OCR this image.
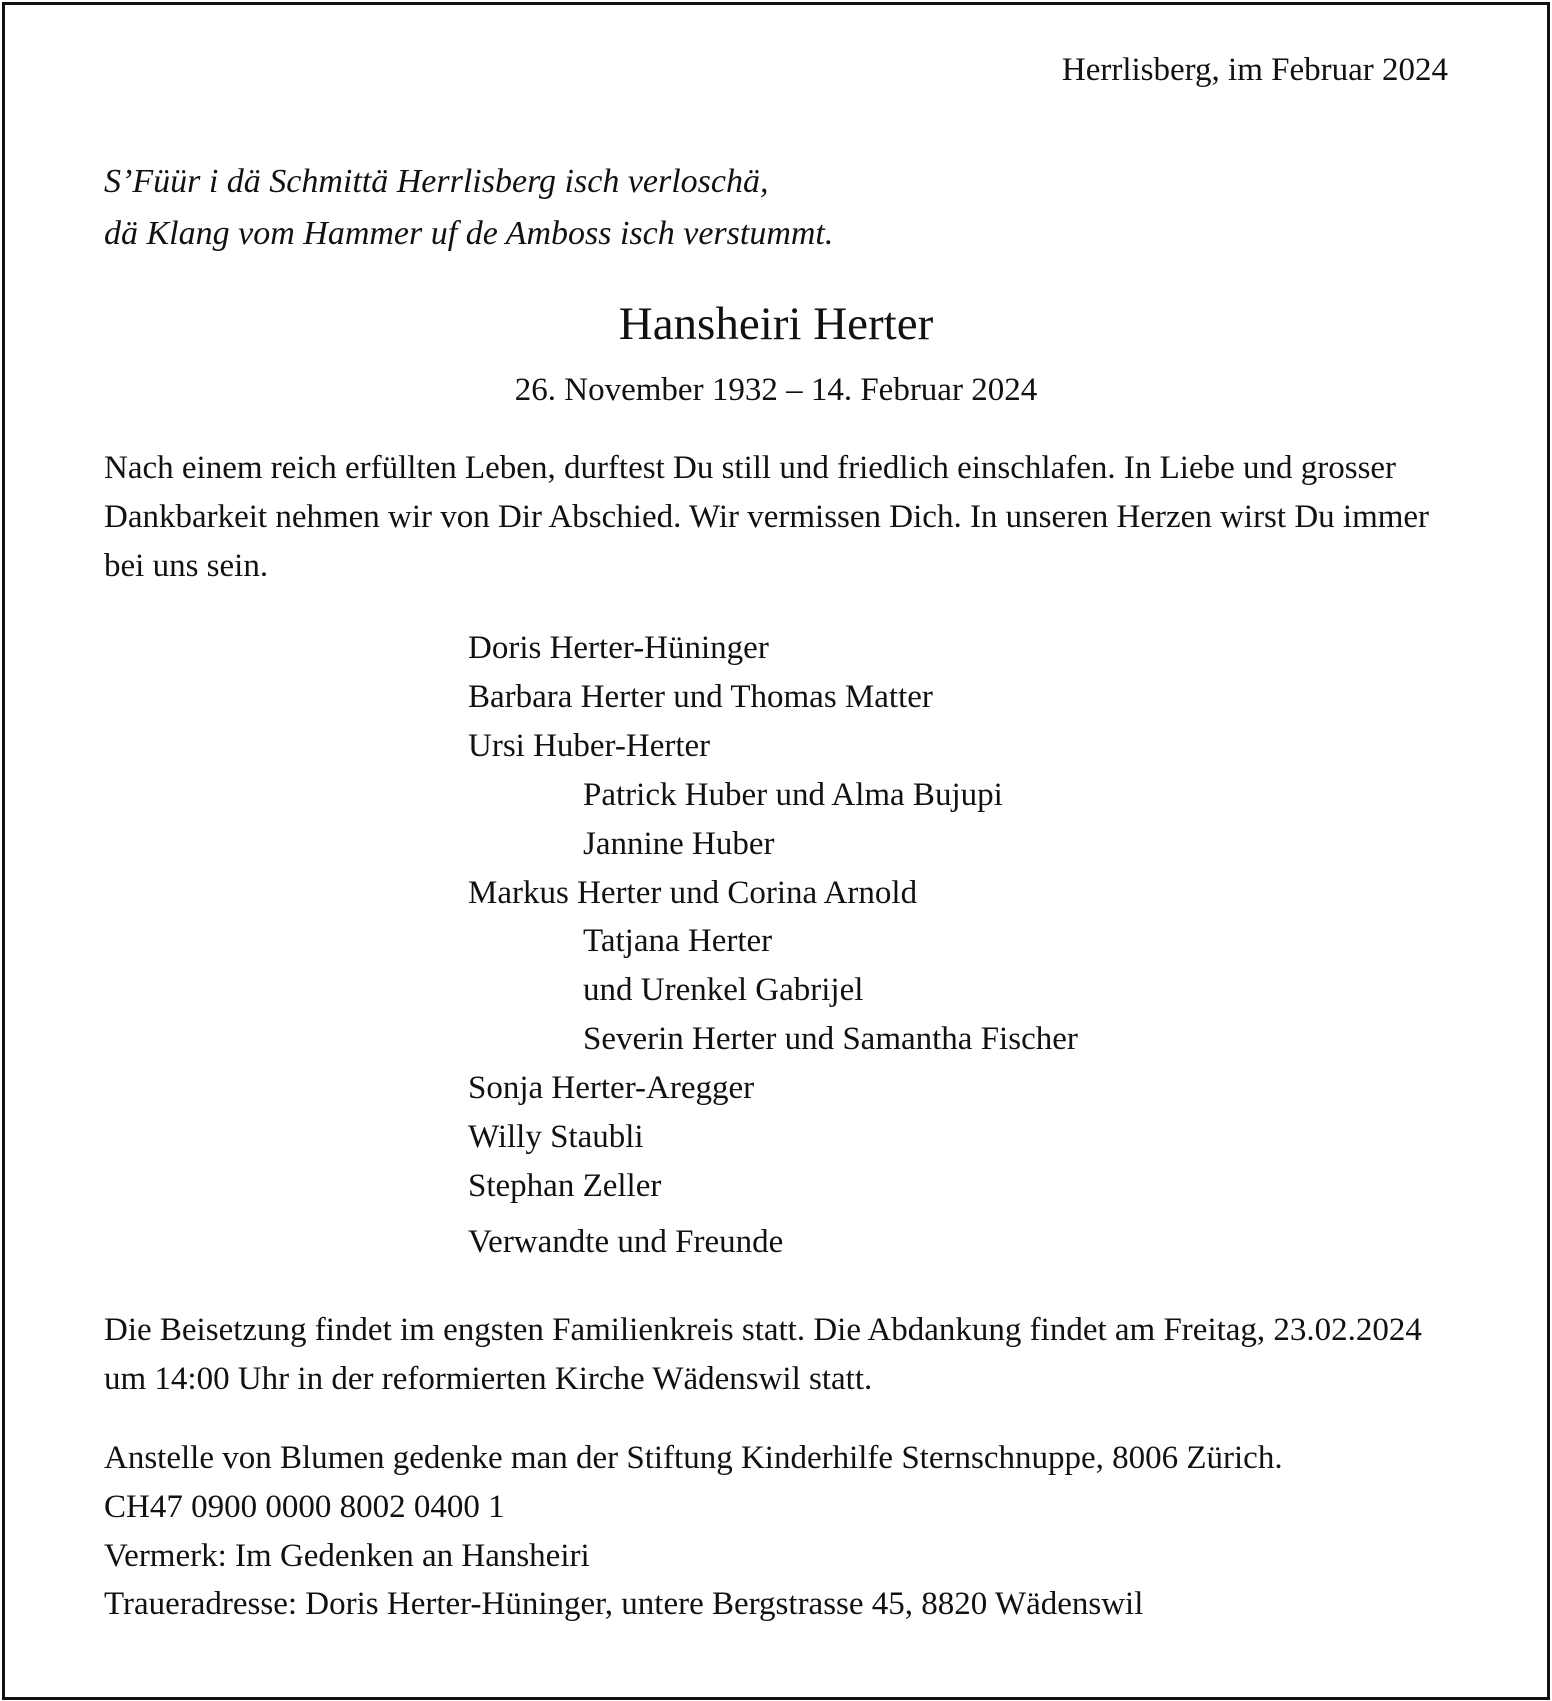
Herrlisberg, im Februar 2024
S’Füür i dä Schmittä Herrlisberg isch verloschä,
dä Klang vom Hammer uf de Amboss isch verstummt.
Hansheiri Herter
26. November 1932 – 14. Februar 2024
Nach einem reich erfüllten Leben, durftest Du still und friedlich einschlafen. In Liebe und grosser Dankbarkeit nehmen wir von Dir Abschied. Wir vermissen Dich. In unseren Herzen wirst Du immer bei uns sein.
Doris Herter-Hüninger
Barbara Herter und Thomas Matter
Ursi Huber-Herter
Patrick Huber und Alma Bujupi
Jannine Huber
Markus Herter und Corina Arnold
Tatjana Herter
und Urenkel Gabrijel
Severin Herter und Samantha Fischer
Sonja Herter-Aregger
Willy Staubli
Stephan Zeller
Verwandte und Freunde
Die Beisetzung findet im engsten Familienkreis statt. Die Abdankung findet am Freitag, 23.02.2024 um 14:00 Uhr in der reformierten Kirche Wädenswil statt.
Anstelle von Blumen gedenke man der Stiftung Kinderhilfe Sternschnuppe, 8006 Zürich.
CH47 0900 0000 8002 0400 1
Vermerk: Im Gedenken an Hansheiri
Traueradresse: Doris Herter-Hüninger, untere Bergstrasse 45, 8820 Wädenswil
